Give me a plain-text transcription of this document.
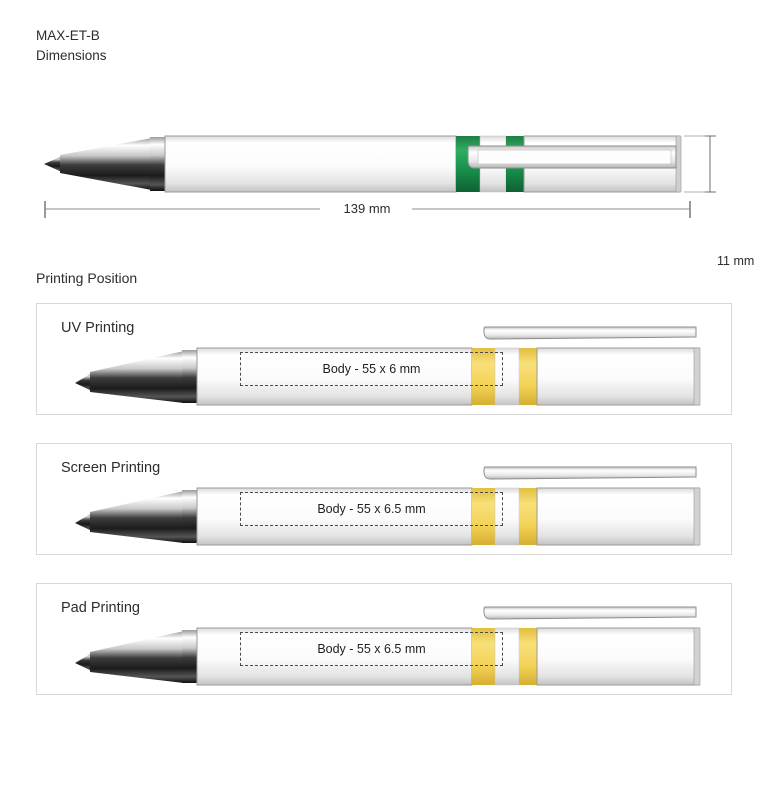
MAX-ET-B
Dimensions
11 mm
139 mm
Printing Position
UV Printing
Body - 55 x 6 mm
Screen Printing
Body - 55 x 6.5 mm
Pad Printing
Body - 55 x 6.5 mm
